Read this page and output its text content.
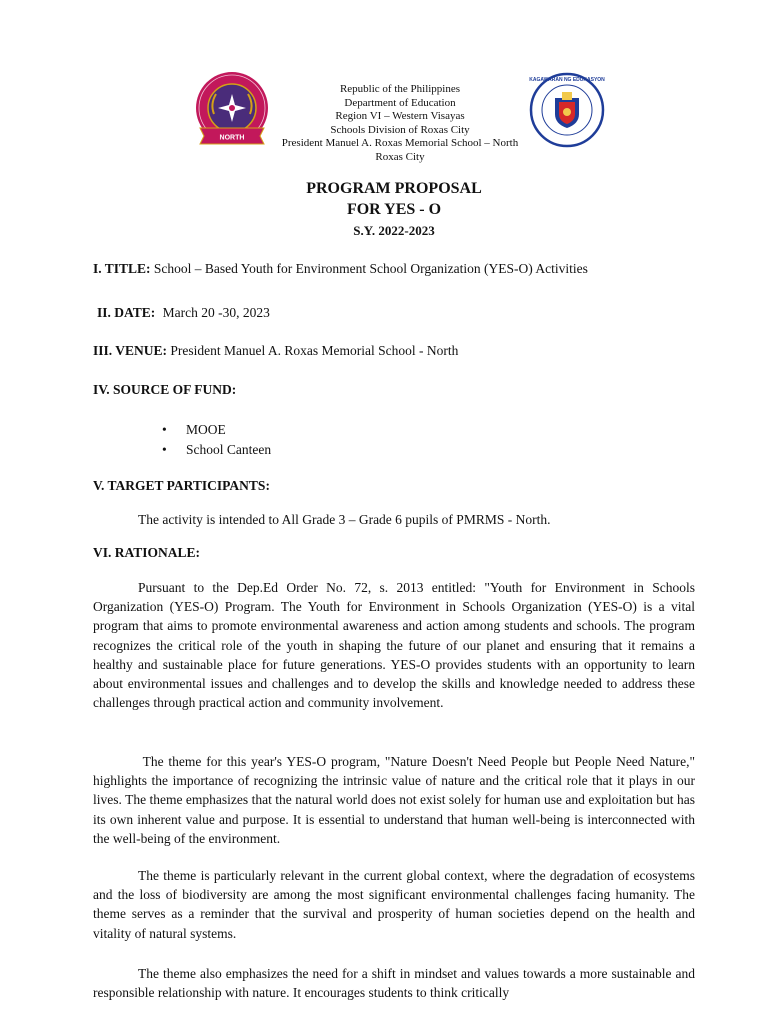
NORTH
KAGAWARAN NG EDUKASYON
Republic of the Philippines
Department of Education
Region VI – Western Visayas
Schools Division of Roxas City
President Manuel A. Roxas Memorial School – North
Roxas City
PROGRAM PROPOSAL
FOR YES - O
S.Y. 2022-2023
I. TITLE: School – Based Youth for Environment School Organization (YES-O) Activities
II. DATE: March 20 -30, 2023
III. VENUE: President Manuel A. Roxas Memorial School - North
IV. SOURCE OF FUND:
• MOOE
• School Canteen
V. TARGET PARTICIPANTS:
The activity is intended to All Grade 3 – Grade 6 pupils of PMRMS - North.
VI. RATIONALE:
Pursuant to the Dep.Ed Order No. 72, s. 2013 entitled: "Youth for Environment in Schools Organization (YES-O) Program. The Youth for Environment in Schools Organization (YES-O) is a vital program that aims to promote environmental awareness and action among students and schools. The program recognizes the critical role of the youth in shaping the future of our planet and ensuring that it remains a healthy and sustainable place for future generations. YES-O provides students with an opportunity to learn about environmental issues and challenges and to develop the skills and knowledge needed to address these challenges through practical action and community involvement.
The theme for this year's YES-O program, "Nature Doesn't Need People but People Need Nature," highlights the importance of recognizing the intrinsic value of nature and the critical role that it plays in our lives. The theme emphasizes that the natural world does not exist solely for human use and exploitation but has its own inherent value and purpose. It is essential to understand that human well-being is interconnected with the well-being of the environment.
The theme is particularly relevant in the current global context, where the degradation of ecosystems and the loss of biodiversity are among the most significant environmental challenges facing humanity. The theme serves as a reminder that the survival and prosperity of human societies depend on the health and vitality of natural systems.
The theme also emphasizes the need for a shift in mindset and values towards a more sustainable and responsible relationship with nature. It encourages students to think critically
